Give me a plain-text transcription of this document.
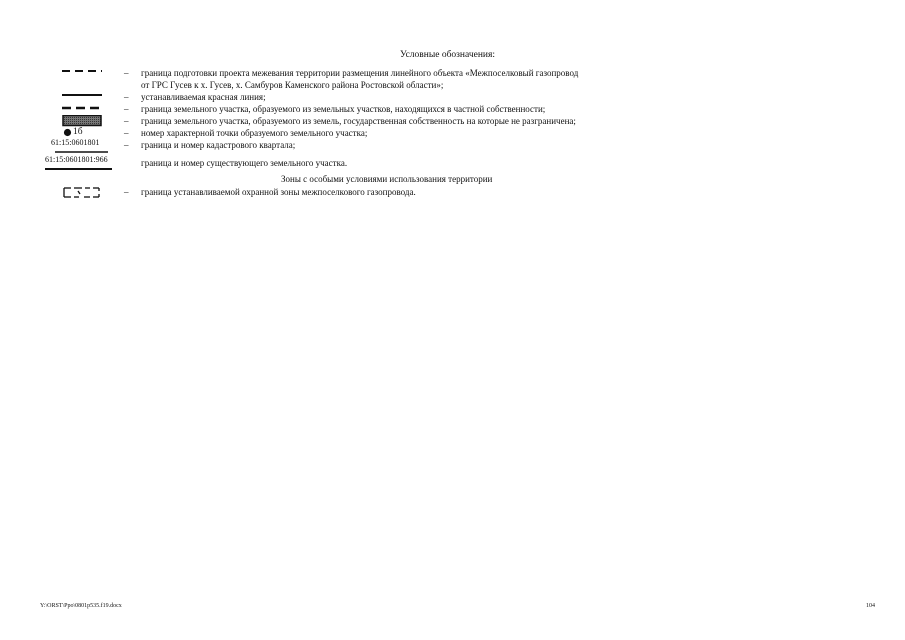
Условные обозначения:
– граница подготовки проекта межевания территории размещения линейного объекта «Межпоселковый газопровод
от ГРС Гусев к х. Гусев, х. Самбуров Каменского района Ростовской области»;
– устанавливаемая красная линия;
– граница земельного участка, образуемого из земельных участков, находящихся в частной собственности;
– граница земельного участка, образуемого из земель, государственная собственность на которые не разграничена;
1б	– номер характерной точки образуемого земельного участка;
61:15:0601801	– граница и номер кадастрового квартала;
61:15:0601801:966	граница и номер существующего земельного участка.
Зоны с особыми условиями использования территории
– граница устанавливаемой охранной зоны межпоселкового газопровода.
Y:\ORST\Ppo\0801p535.f19.docx	104
